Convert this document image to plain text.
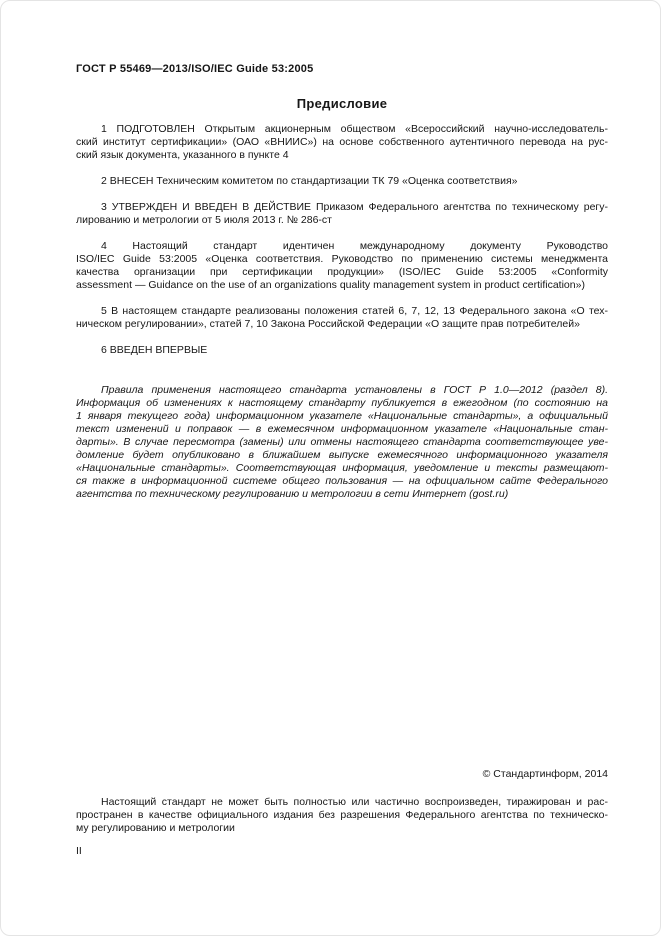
ГОСТ Р 55469—2013/ISO/IEC Guide 53:2005
Предисловие
1 ПОДГОТОВЛЕН Открытым акционерным обществом «Всероссийский научно-исследователь-
ский институт сертификации» (ОАО «ВНИИС») на основе собственного аутентичного перевода на рус-
ский язык документа, указанного в пункте 4
2 ВНЕСЕН Техническим комитетом по стандартизации ТК 79 «Оценка соответствия»
3 УТВЕРЖДЕН И ВВЕДЕН В ДЕЙСТВИЕ Приказом Федерального агентства по техническому регу-
лированию и метрологии от 5 июля 2013 г. № 286-ст
4 Настоящий стандарт идентичен международному документу Руководство
ISO/IEC Guide 53:2005 «Оценка соответствия. Руководство по применению системы менеджмента
качества организации при сертификации продукции» (ISO/IEC Guide 53:2005 «Conformity
assessment — Guidance on the use of an organizations quality management system in product certification»)
5 В настоящем стандарте реализованы положения статей 6, 7, 12, 13 Федерального закона «О тех-
ническом регулировании», статей 7, 10 Закона Российской Федерации «О защите прав потребителей»
6 ВВЕДЕН ВПЕРВЫЕ
Правила применения настоящего стандарта установлены в ГОСТ Р 1.0—2012 (раздел 8).
Информация об изменениях к настоящему стандарту публикуется в ежегодном (по состоянию на
1 января текущего года) информационном указателе «Национальные стандарты», а официальный
текст изменений и поправок — в ежемесячном информационном указателе «Национальные стан-
дарты». В случае пересмотра (замены) или отмены настоящего стандарта соответствующее уве-
домление будет опубликовано в ближайшем выпуске ежемесячного информационного указателя
«Национальные стандарты». Соответствующая информация, уведомление и тексты размещают-
ся также в информационной системе общего пользования — на официальном сайте Федерального
агентства по техническому регулированию и метрологии в сети Интернет (gost.ru)
© Стандартинформ, 2014
Настоящий стандарт не может быть полностью или частично воспроизведен, тиражирован и рас-
пространен в качестве официального издания без разрешения Федерального агентства по техническо-
му регулированию и метрологии
II
